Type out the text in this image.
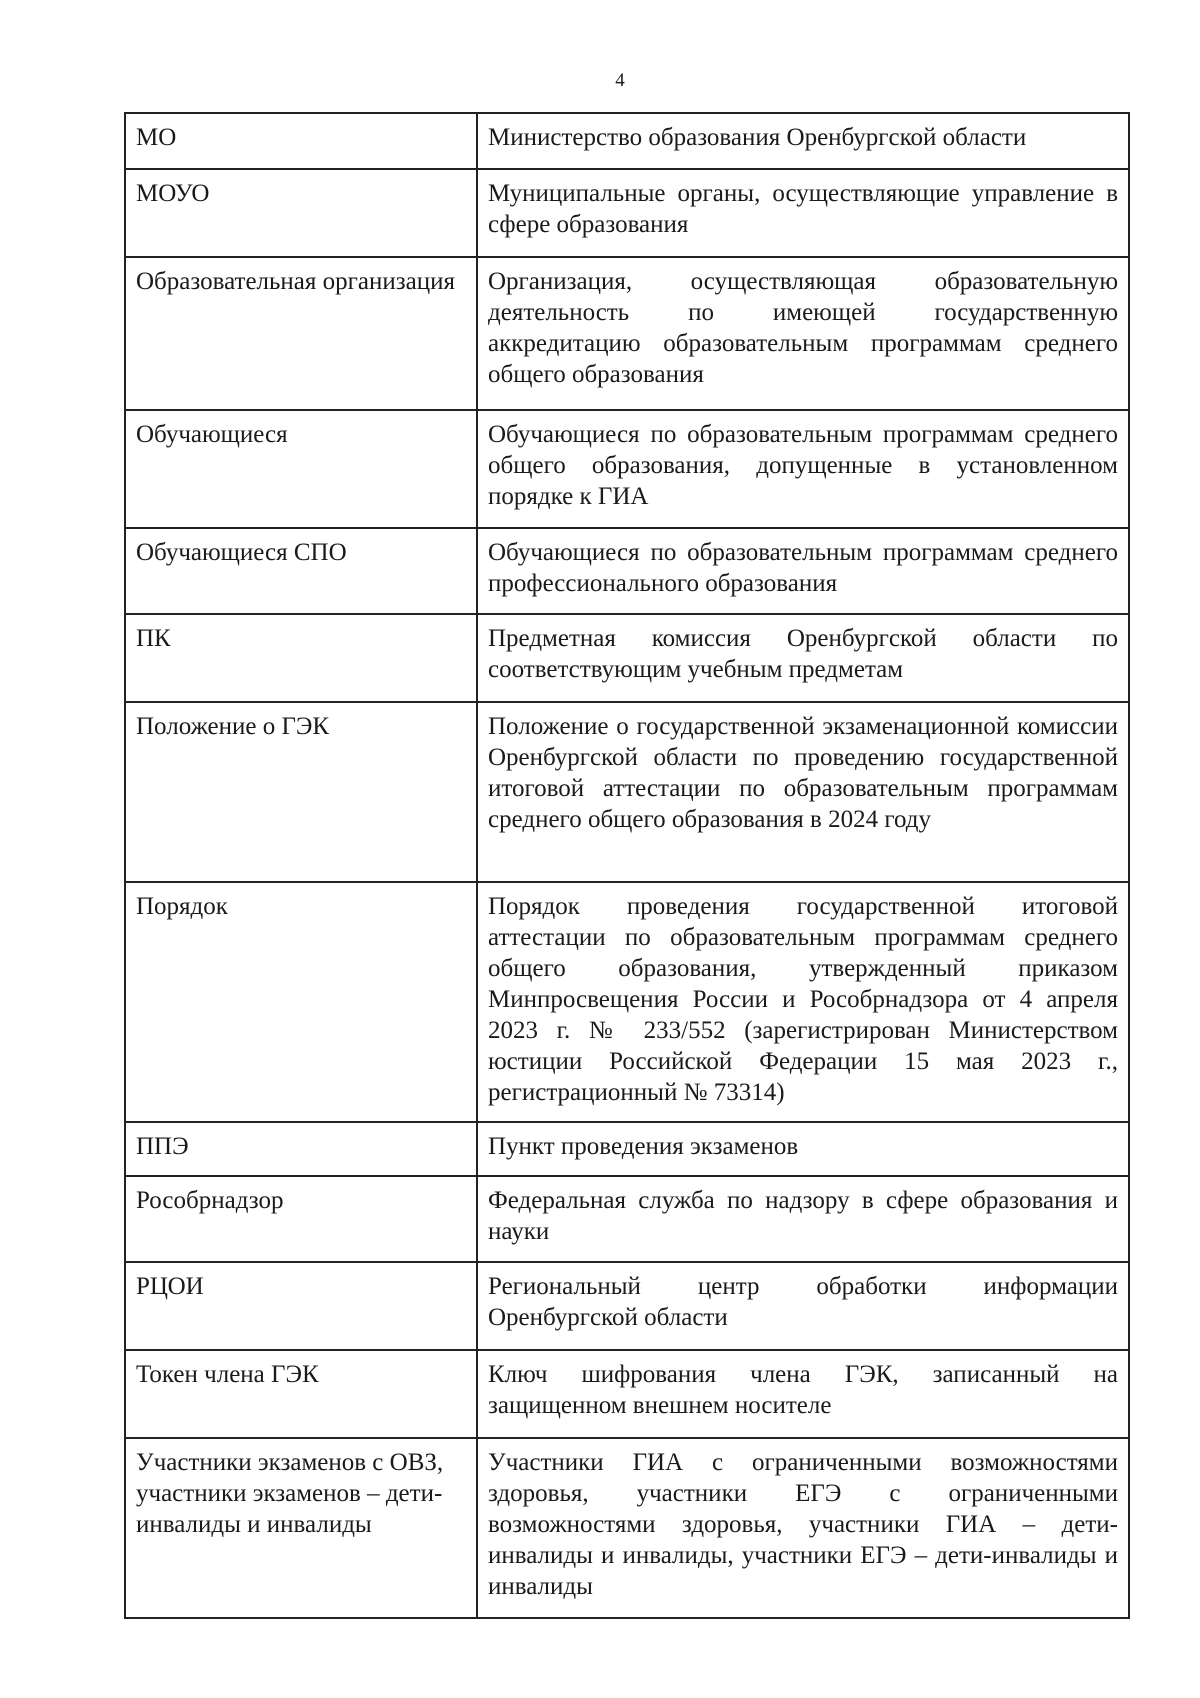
4
МО	Министерство образования Оренбургской области
МОУО	Муниципальные органы, осуществляющие управление в сфере образования
Образовательная организация	Организация, осуществляющая образовательную деятельность по имеющей государственную аккредитацию образовательным программам среднего общего образования
Обучающиеся	Обучающиеся по образовательным программам среднего общего образования, допущенные в установленном порядке к ГИА
Обучающиеся СПО	Обучающиеся по образовательным программам среднего профессионального образования
ПК	Предметная комиссия Оренбургской области по соответствующим учебным предметам
Положение о ГЭК	Положение о государственной экзаменационной комиссии Оренбургской области по проведению государственной итоговой аттестации по образовательным программам среднего общего образования в 2024 году
Порядок	Порядок проведения государственной итоговой аттестации по образовательным программам среднего общего образования, утвержденный приказом Минпросвещения России и Рособрнадзора от 4 апреля 2023 г. № 233/552 (зарегистрирован Министерством юстиции Российской Федерации 15 мая 2023 г., регистрационный № 73314)
ППЭ	Пункт проведения экзаменов
Рособрнадзор	Федеральная служба по надзору в сфере образования и науки
РЦОИ	Региональный центр обработки информации Оренбургской области
Токен члена ГЭК	Ключ шифрования члена ГЭК, записанный на защищенном внешнем носителе
Участники экзаменов с ОВЗ, участники экзаменов – дети-инвалиды и инвалиды	Участники ГИА с ограниченными возможностями здоровья, участники ЕГЭ с ограниченными возможностями здоровья, участники ГИА – дети-инвалиды и инвалиды, участники ЕГЭ – дети-инвалиды и инвалиды
